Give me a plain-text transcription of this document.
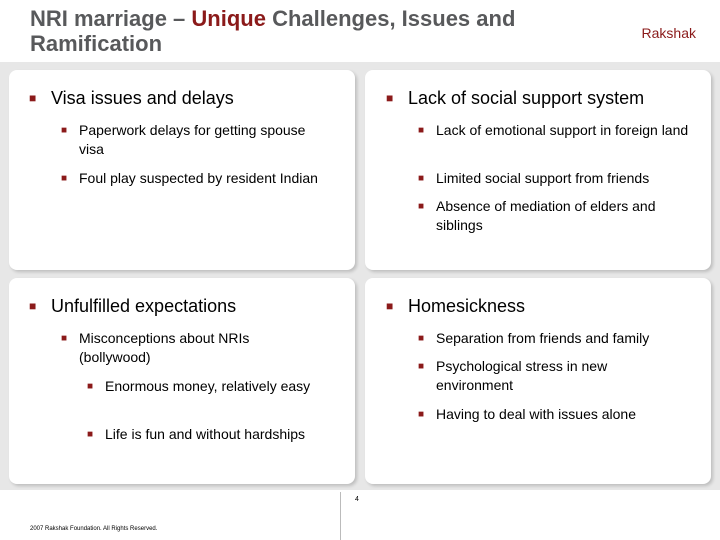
NRI marriage – Unique Challenges, Issues and Ramification	Rakshak
■ Visa issues and delays
■ Paperwork delays for getting spouse visa
■ Foul play suspected by resident Indian
■ Lack of social support system
■ Lack of emotional support in foreign land
■ Limited social support from friends
■ Absence of mediation of elders and siblings
■ Unfulfilled expectations
■ Misconceptions about NRIs (bollywood)
■ Enormous money, relatively easy
■ Life is fun and without hardships
■ Homesickness
■ Separation from friends and family
■ Psychological stress in new environment
■ Having to deal with issues alone
4
2007 Rakshak Foundation. All Rights Reserved.
